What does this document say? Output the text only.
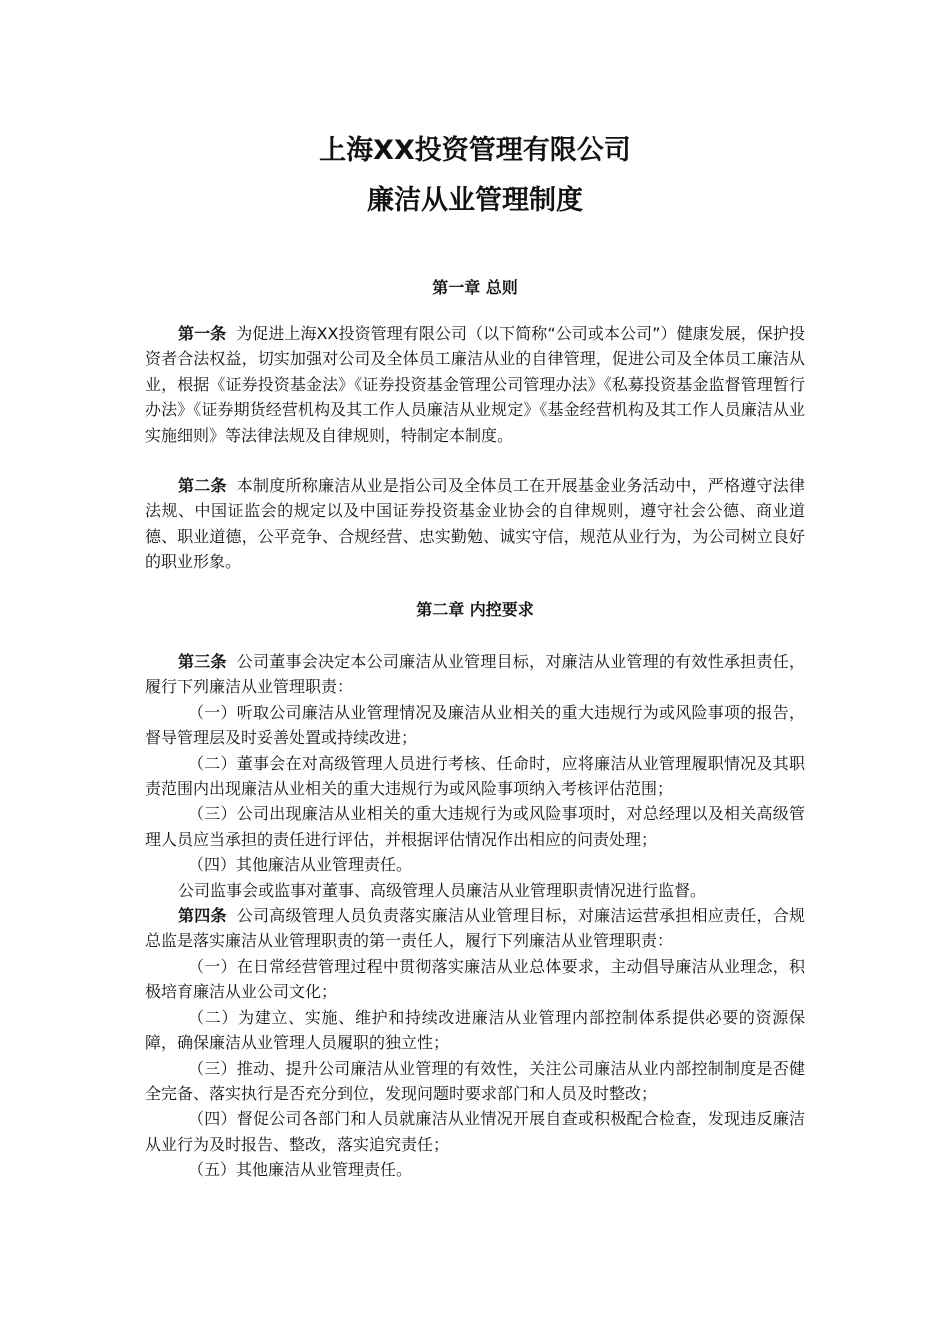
上海XX投资管理有限公司

廉洁从业管理制度

第一章 总则

第一条 为促进上海XX投资管理有限公司（以下简称“公司或本公司”）健康发展，保护投资者合法权益，切实加强对公司及全体员工廉洁从业的自律管理，促进公司及全体员工廉洁从业，根据《证券投资基金法》《证券投资基金管理公司管理办法》《私募投资基金监督管理暂行办法》《证券期货经营机构及其工作人员廉洁从业规定》《基金经营机构及其工作人员廉洁从业实施细则》等法律法规及自律规则，特制定本制度。

第二条 本制度所称廉洁从业是指公司及全体员工在开展基金业务活动中，严格遵守法律法规、中国证监会的规定以及中国证券投资基金业协会的自律规则，遵守社会公德、商业道德、职业道德，公平竞争、合规经营、忠实勤勉、诚实守信，规范从业行为，为公司树立良好的职业形象。

第二章 内控要求

第三条 公司董事会决定本公司廉洁从业管理目标，对廉洁从业管理的有效性承担责任，履行下列廉洁从业管理职责：

（一）听取公司廉洁从业管理情况及廉洁从业相关的重大违规行为或风险事项的报告，督导管理层及时妥善处置或持续改进；

（二）董事会在对高级管理人员进行考核、任命时，应将廉洁从业管理履职情况及其职责范围内出现廉洁从业相关的重大违规行为或风险事项纳入考核评估范围；

（三）公司出现廉洁从业相关的重大违规行为或风险事项时，对总经理以及相关高级管理人员应当承担的责任进行评估，并根据评估情况作出相应的问责处理；

（四）其他廉洁从业管理责任。

公司监事会或监事对董事、高级管理人员廉洁从业管理职责情况进行监督。

第四条 公司高级管理人员负责落实廉洁从业管理目标，对廉洁运营承担相应责任，合规总监是落实廉洁从业管理职责的第一责任人，履行下列廉洁从业管理职责：

（一）在日常经营管理过程中贯彻落实廉洁从业总体要求，主动倡导廉洁从业理念，积极培育廉洁从业公司文化；

（二）为建立、实施、维护和持续改进廉洁从业管理内部控制体系提供必要的资源保障，确保廉洁从业管理人员履职的独立性；

（三）推动、提升公司廉洁从业管理的有效性，关注公司廉洁从业内部控制制度是否健全完备、落实执行是否充分到位，发现问题时要求部门和人员及时整改；

（四）督促公司各部门和人员就廉洁从业情况开展自查或积极配合检查，发现违反廉洁从业行为及时报告、整改，落实追究责任；

（五）其他廉洁从业管理责任。
